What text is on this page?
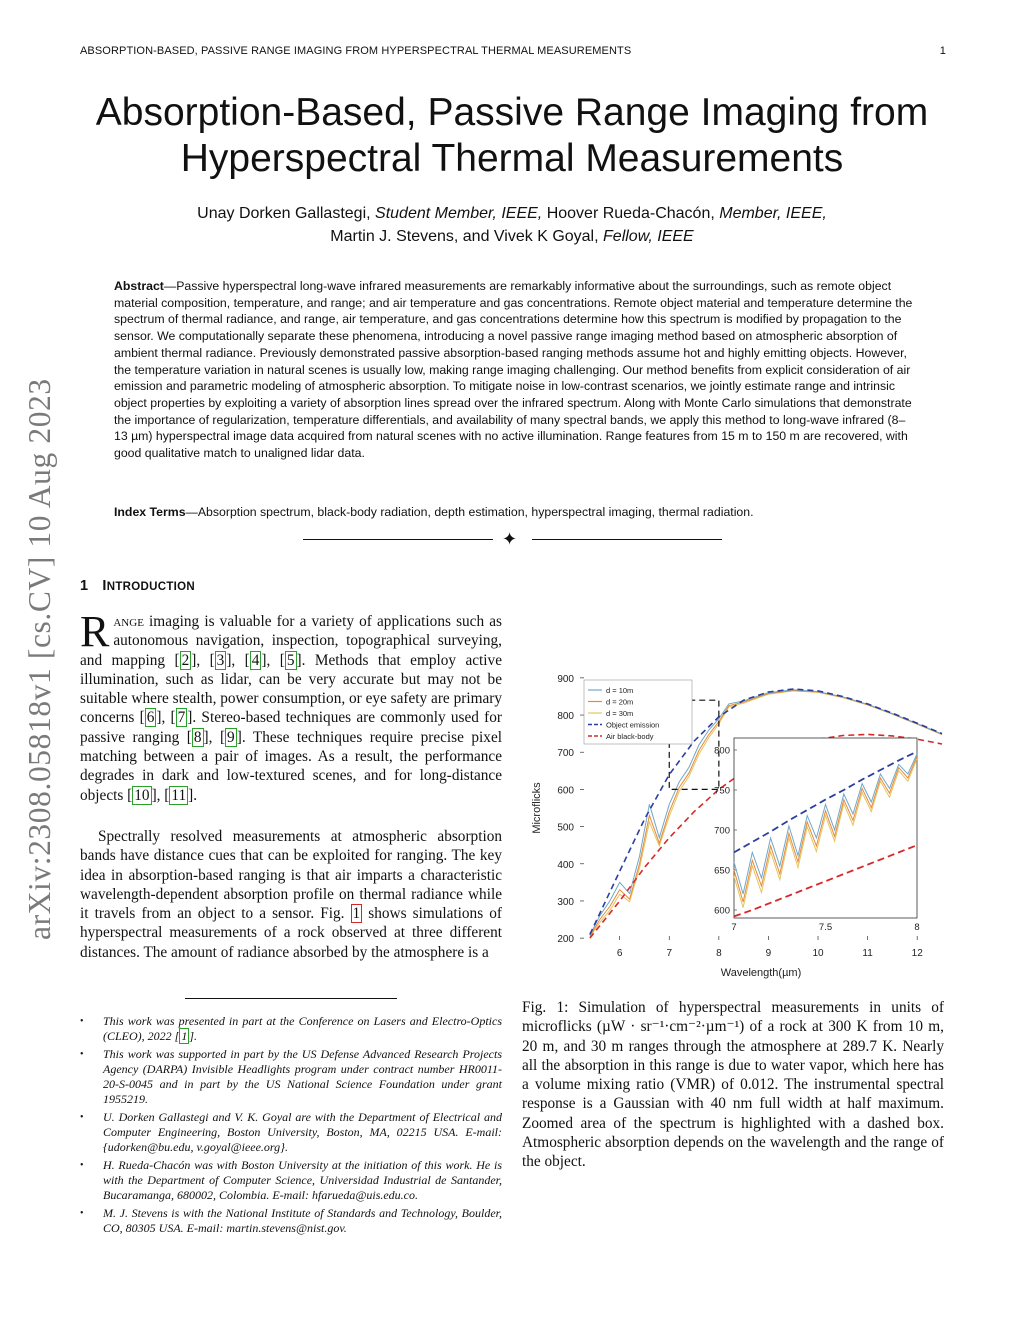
ABSORPTION-BASED, PASSIVE RANGE IMAGING FROM HYPERSPECTRAL THERMAL MEASUREMENTS	1
arXiv:2308.05818v1 [cs.CV] 10 Aug 2023
Absorption-Based, Passive Range Imaging from Hyperspectral Thermal Measurements
Unay Dorken Gallastegi, Student Member, IEEE, Hoover Rueda-Chacón, Member, IEEE,
Martin J. Stevens, and Vivek K Goyal, Fellow, IEEE

Abstract—Passive hyperspectral long-wave infrared measurements are remarkably informative about the surroundings, such as remote object material composition, temperature, and range; and air temperature and gas concentrations. Remote object material and temperature determine the spectrum of thermal radiance, and range, air temperature, and gas concentrations determine how this spectrum is modified by propagation to the sensor. We computationally separate these phenomena, introducing a novel passive range imaging method based on atmospheric absorption of ambient thermal radiance. Previously demonstrated passive absorption-based ranging methods assume hot and highly emitting objects. However, the temperature variation in natural scenes is usually low, making range imaging challenging. Our method benefits from explicit consideration of air emission and parametric modeling of atmospheric absorption. To mitigate noise in low-contrast scenarios, we jointly estimate range and intrinsic object properties by exploiting a variety of absorption lines spread over the infrared spectrum. Along with Monte Carlo simulations that demonstrate the importance of regularization, temperature differentials, and availability of many spectral bands, we apply this method to long-wave infrared (8–13 µm) hyperspectral image data acquired from natural scenes with no active illumination. Range features from 15 m to 150 m are recovered, with good qualitative match to unaligned lidar data.

Index Terms—Absorption spectrum, black-body radiation, depth estimation, hyperspectral imaging, thermal radiation.

✦
1 INTRODUCTION

Range imaging is valuable for a variety of applications such as autonomous navigation, inspection, topographical surveying, and mapping [ 2 ], [ 3 ], [ 4 ], [ 5 ]. Methods that employ active illumination, such as lidar, can be very accurate but may not be suitable where stealth, power consumption, or eye safety are primary concerns [ 6 ], [ 7 ]. Stereo-based techniques are commonly used for passive ranging [ 8 ], [ 9 ]. These techniques require precise pixel matching between a pair of images. As a result, the performance degrades in dark and low-textured scenes, and for long-distance objects [ 10 ], [ 11 ].

Spectrally resolved measurements at atmospheric absorption bands have distance cues that can be exploited for ranging. The key idea in absorption-based ranging is that air imparts a characteristic wavelength-dependent absorption profile on thermal radiance while it travels from an object to a sensor. Fig. 1 shows simulations of hyperspectral measurements of a rock observed at three different distances. The amount of radiance absorbed by the atmosphere is a

• This work was presented in part at the Conference on Lasers and Electro-Optics (CLEO), 2022 [ 1 ].
• This work was supported in part by the US Defense Advanced Research Projects Agency (DARPA) Invisible Headlights program under contract number HR0011-20-S-0045 and in part by the US National Science Foundation under grant 1955219.
• U. Dorken Gallastegi and V. K. Goyal are with the Department of Electrical and Computer Engineering, Boston University, Boston, MA, 02215 USA. E-mail: {udorken@bu.edu, v.goyal@ieee.org}.
• H. Rueda-Chacón was with Boston University at the initiation of this work. He is with the Department of Computer Science, Universidad Industrial de Santander, Bucaramanga, 680002, Colombia. E-mail: hfarueda@uis.edu.co.
• M. J. Stevens is with the National Institute of Standards and Technology, Boulder, CO, 80305 USA. E-mail: martin.stevens@nist.gov.
200
300
400
500
600
700
800
900
6	7	8	9	10	11	12
Wavelength(µm)
Microflicks
d = 10m
d = 20m
d = 30m
Object emission
Air black-body
600
650
700
750
800
7	7.5	8

Fig. 1: Simulation of hyperspectral measurements in units of microflicks (µW · sr⁻¹·cm⁻²·µm⁻¹) of a rock at 300 K from 10 m, 20 m, and 30 m ranges through the atmosphere at 289.7 K. Nearly all the absorption in this range is due to water vapor, which here has a volume mixing ratio (VMR) of 0.012. The instrumental spectral response is a Gaussian with 40 nm full width at half maximum. Zoomed area of the spectrum is highlighted with a dashed box. Atmospheric absorption depends on the wavelength and the range of the object.
